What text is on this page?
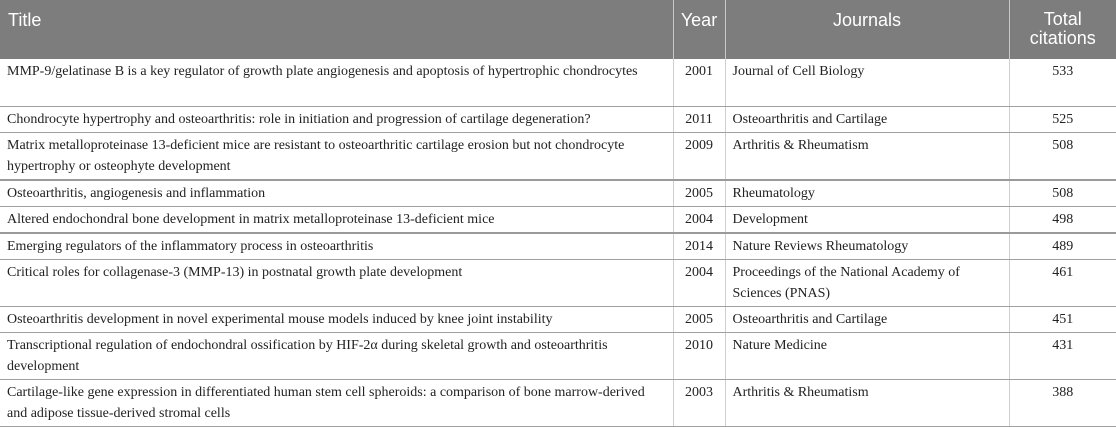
Title	Year	Journals	Total
citations
MMP-9/gelatinase B is a key regulator of growth plate angiogenesis and apoptosis of hypertrophic chondrocytes	2001	Journal of Cell Biology	533
Chondrocyte hypertrophy and osteoarthritis: role in initiation and progression of cartilage degeneration?	2011	Osteoarthritis and Cartilage	525
Matrix metalloproteinase 13-deficient mice are resistant to osteoarthritic cartilage erosion but not chondrocyte hypertrophy or osteophyte development	2009	Arthritis & Rheumatism	508
Osteoarthritis, angiogenesis and inflammation	2005	Rheumatology	508
Altered endochondral bone development in matrix metalloproteinase 13-deficient mice	2004	Development	498
Emerging regulators of the inflammatory process in osteoarthritis	2014	Nature Reviews Rheumatology	489
Critical roles for collagenase-3 (MMP-13) in postnatal growth plate development	2004	Proceedings of the National Academy of Sciences (PNAS)	461
Osteoarthritis development in novel experimental mouse models induced by knee joint instability	2005	Osteoarthritis and Cartilage	451
Transcriptional regulation of endochondral ossification by HIF-2α during skeletal growth and osteoarthritis development	2010	Nature Medicine	431
Cartilage-like gene expression in differentiated human stem cell spheroids: a comparison of bone marrow-derived and adipose tissue-derived stromal cells	2003	Arthritis & Rheumatism	388
